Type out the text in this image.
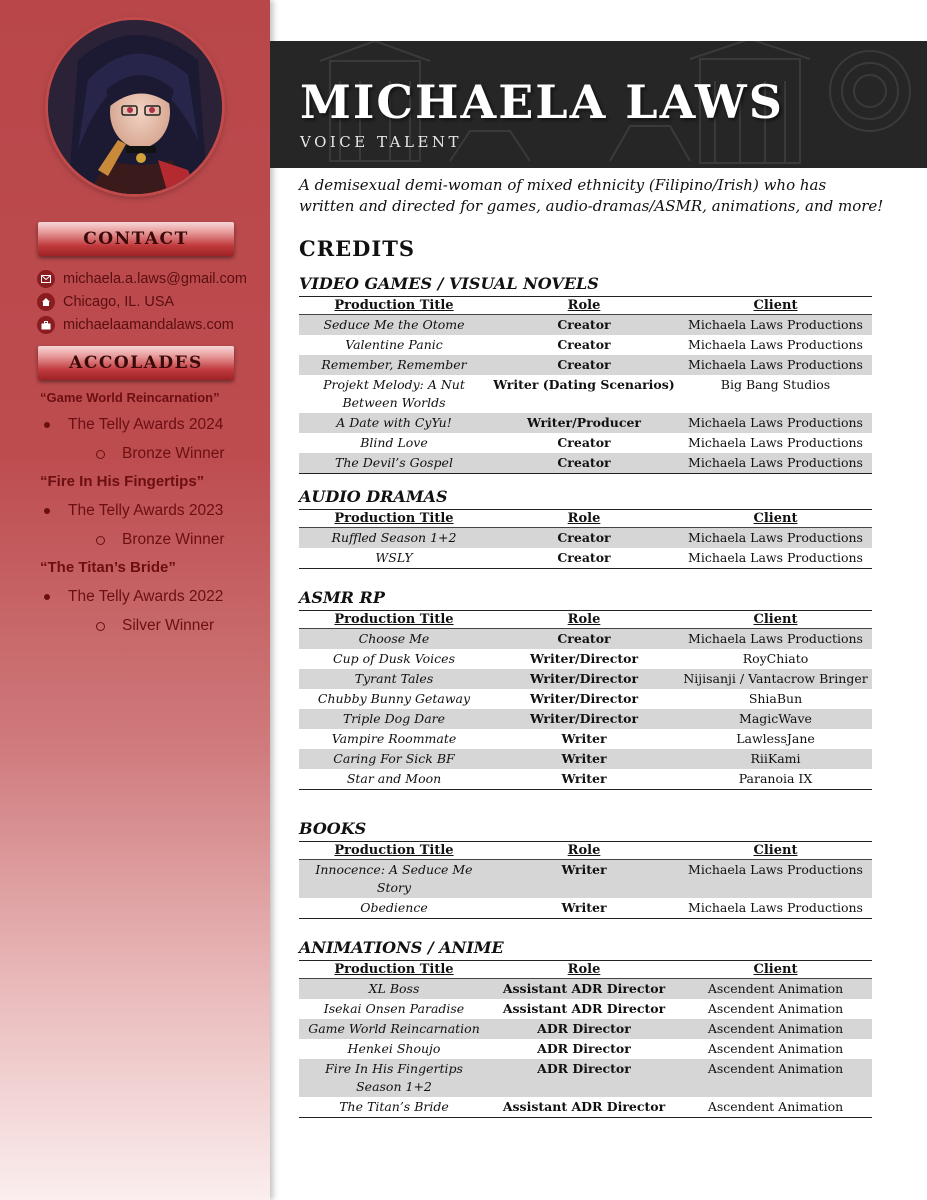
CONTACT
michaela.a.laws@gmail.com
Chicago, IL. USA
michaelaamandalaws.com
ACCOLADES
“Game World Reincarnation”
The Telly Awards 2024
Bronze Winner
“Fire In His Fingertips”
The Telly Awards 2023
Bronze Winner
“The Titan’s Bride”
The Telly Awards 2022
Silver Winner
MICHAELA LAWS
VOICE TALENT
A demisexual demi-woman of mixed ethnicity (Filipino/Irish) who has written and directed for games, audio-dramas/ASMR, animations, and more!
CREDITS
VIDEO GAMES / VISUAL NOVELS
Production Title	Role	Client
Seduce Me the Otome	Creator	Michaela Laws Productions
Valentine Panic	Creator	Michaela Laws Productions
Remember, Remember	Creator	Michaela Laws Productions
Projekt Melody: A Nut Between Worlds	Writer (Dating Scenarios)	Big Bang Studios
A Date with CyYu!	Writer/Producer	Michaela Laws Productions
Blind Love	Creator	Michaela Laws Productions
The Devil’s Gospel	Creator	Michaela Laws Productions
AUDIO DRAMAS
Production Title	Role	Client
Ruffled Season 1+2	Creator	Michaela Laws Productions
WSLY	Creator	Michaela Laws Productions
ASMR RP
Production Title	Role	Client
Choose Me	Creator	Michaela Laws Productions
Cup of Dusk Voices	Writer/Director	RoyChiato
Tyrant Tales	Writer/Director	Nijisanji / Vantacrow Bringer
Chubby Bunny Getaway	Writer/Director	ShiaBun
Triple Dog Dare	Writer/Director	MagicWave
Vampire Roommate	Writer	LawlessJane
Caring For Sick BF	Writer	RiiKami
Star and Moon	Writer	Paranoia IX
BOOKS
Production Title	Role	Client
Innocence: A Seduce Me Story	Writer	Michaela Laws Productions
Obedience	Writer	Michaela Laws Productions
ANIMATIONS / ANIME
Production Title	Role	Client
XL Boss	Assistant ADR Director	Ascendent Animation
Isekai Onsen Paradise	Assistant ADR Director	Ascendent Animation
Game World Reincarnation	ADR Director	Ascendent Animation
Henkei Shoujo	ADR Director	Ascendent Animation
Fire In His Fingertips Season 1+2	ADR Director	Ascendent Animation
The Titan’s Bride	Assistant ADR Director	Ascendent Animation
